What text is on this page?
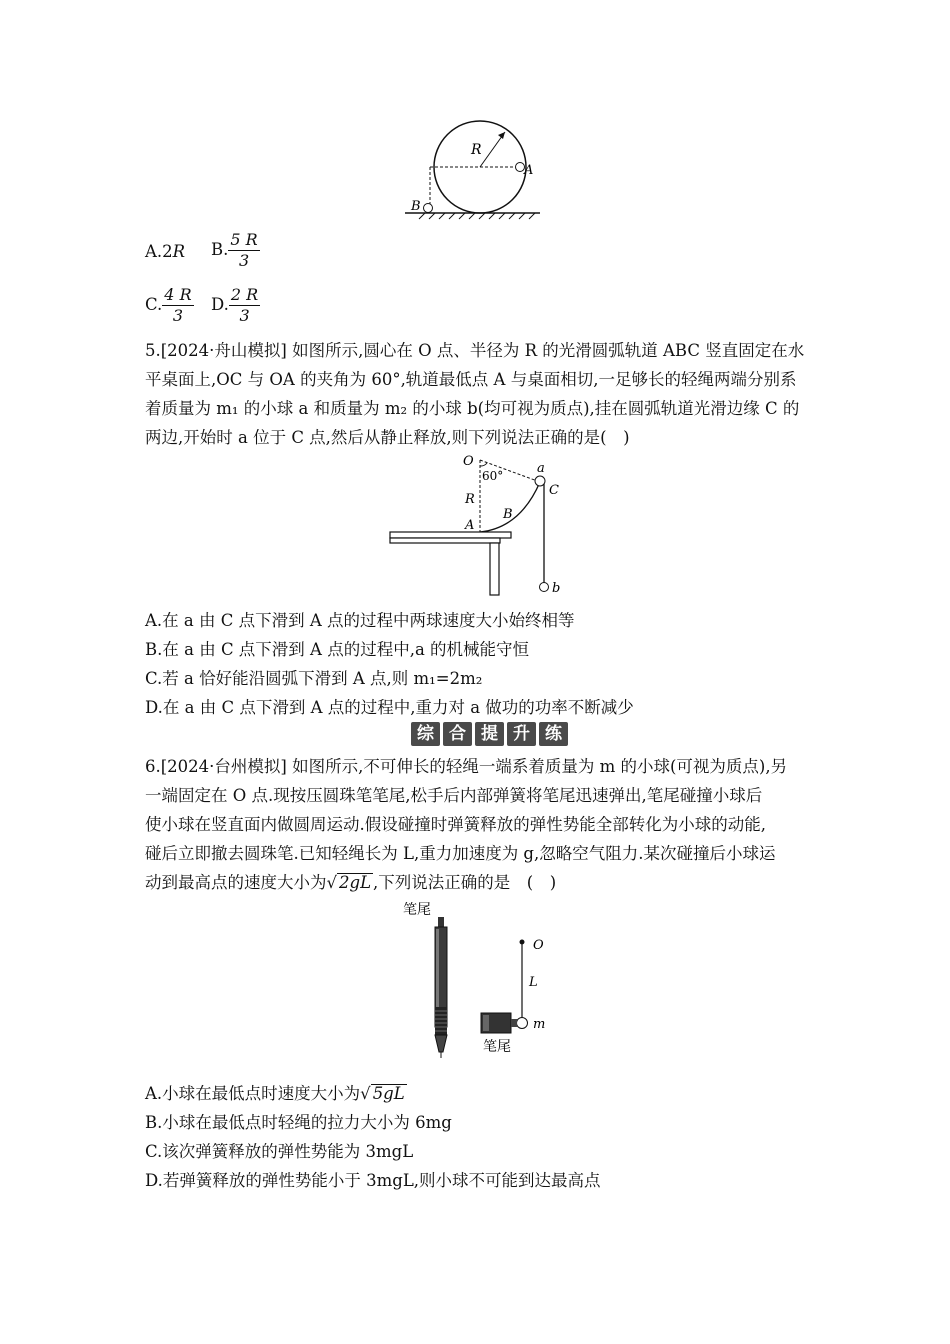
R
A
B
A.2R B. $\frac{5 R}{3}$
C. $\frac{4 R}{3} D$. $\frac{2 R}{3}$
5.[2024·舟山模拟] 如图所示,圆心在 O 点、半径为 R 的光滑圆弧轨道 ABC 竖直固定在水
平桌面上,OC 与 OA 的夹角为 60°,轨道最低点 A 与桌面相切,一足够长的轻绳两端分别系
着质量为 m₁ 的小球 a 和质量为 m₂ 的小球 b(均可视为质点),挂在圆弧轨道光滑边缘 C 的
两边,开始时 a 位于 C 点,然后从静止释放,则下列说法正确的是(　)
O
60°	a
C
R
B
A
b
A.在 a 由 C 点下滑到 A 点的过程中两球速度大小始终相等
B.在 a 由 C 点下滑到 A 点的过程中,a 的机械能守恒
C.若 a 恰好能沿圆弧下滑到 A 点,则 m₁=2m₂
D.在 a 由 C 点下滑到 A 点的过程中,重力对 a 做功的功率不断减少
综 合 提 升 练
6.[2024·台州模拟] 如图所示,不可伸长的轻绳一端系着质量为 m 的小球(可视为质点),另
一端固定在 O 点.现按压圆珠笔笔尾,松手后内部弹簧将笔尾迅速弹出,笔尾碰撞小球后
使小球在竖直面内做圆周运动.假设碰撞时弹簧释放的弹性势能全部转化为小球的动能,
碰后立即撤去圆珠笔.已知轻绳长为 L,重力加速度为 g,忽略空气阻力.某次碰撞后小球运
动到最高点的速度大小为√ 2gL ,下列说法正确的是　(　)
笔尾
O
L
m
笔尾
A.小球在最低点时速度大小为√ 5gL
B.小球在最低点时轻绳的拉力大小为 6mg
C.该次弹簧释放的弹性势能为 3mgL
D.若弹簧释放的弹性势能小于 3mgL,则小球不可能到达最高点
